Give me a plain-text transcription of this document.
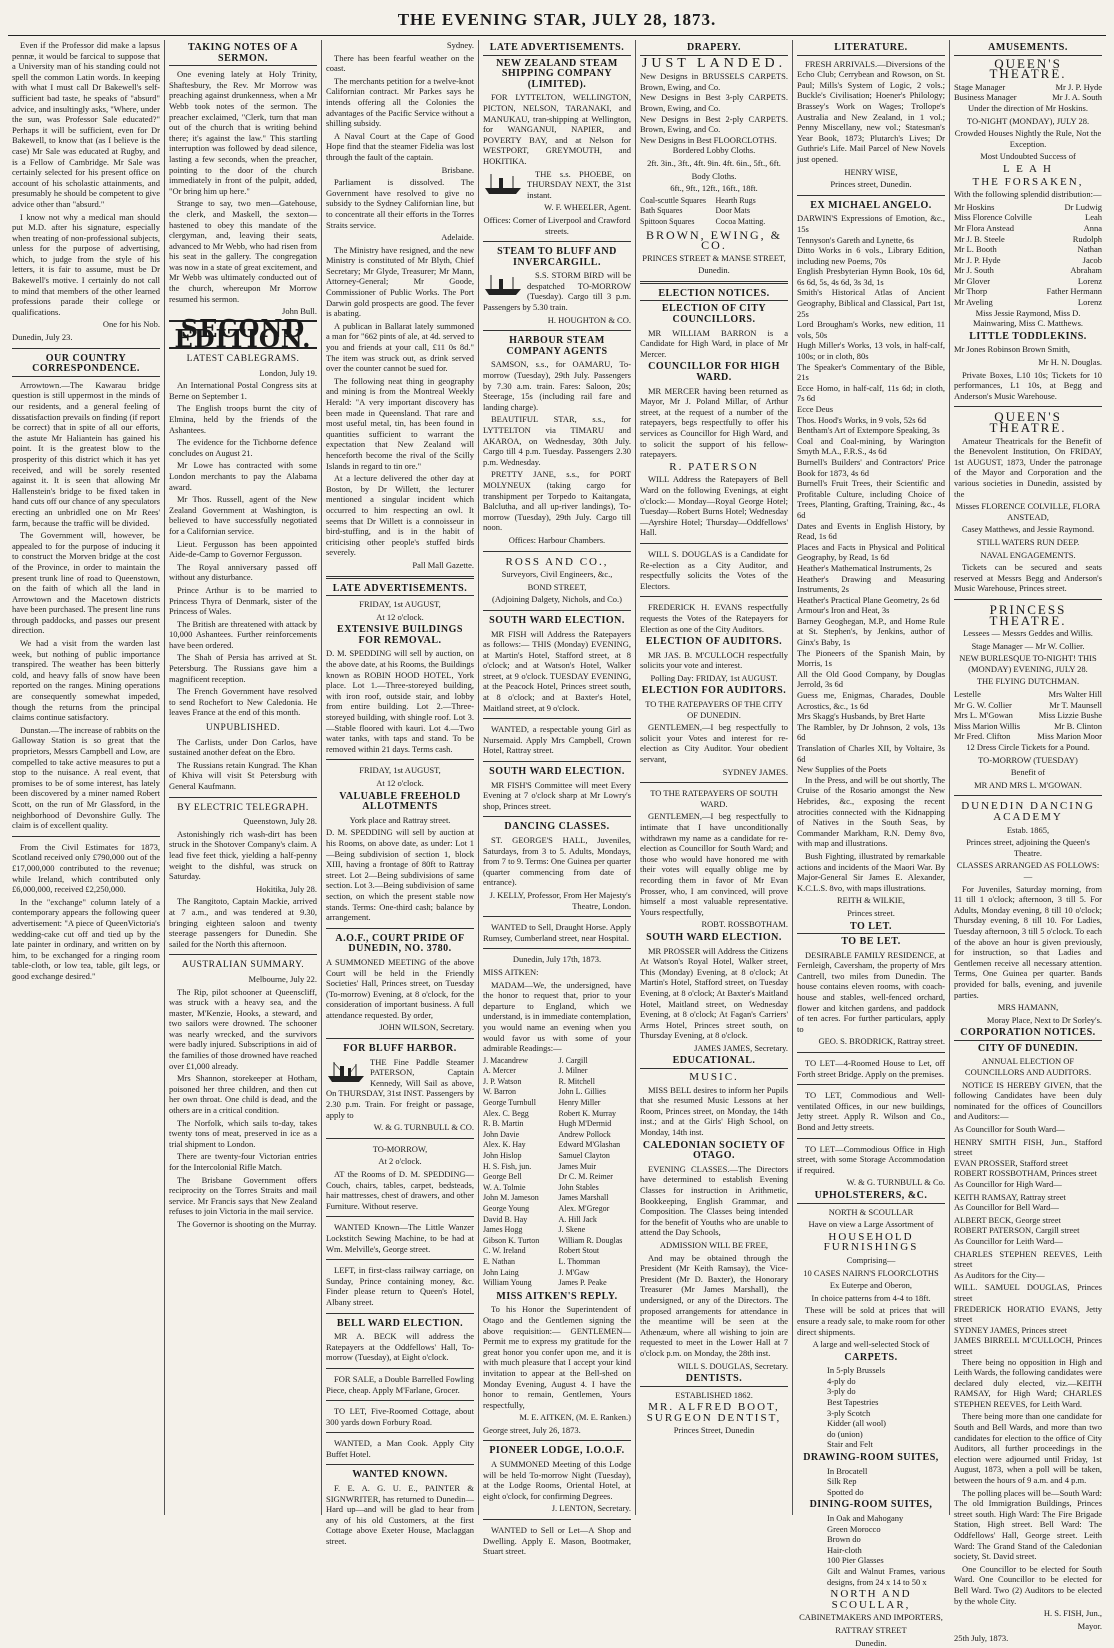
THE EVENING STAR, JULY 28, 1873.

Even if the Professor did make a lapsus pennæ, it would be farcical to suppose that a University man of his standing could not spell the common Latin words. In keeping with what I must call Dr Bakewell's self-sufficient bad taste, he speaks of "absurd" advice, and insultingly asks, "Where, under the sun, was Professor Sale educated?" Perhaps it will be sufficient, even for Dr Bakewell, to know that (as I believe is the case) Mr Sale was educated at Rugby, and is a Fellow of Cambridge. Mr Sale was certainly selected for his present office on account of his scholastic attainments, and presumably he should be competent to give advice other than "absurd."

I know not why a medical man should put M.D. after his signature, especially when treating of non-professional subjects, unless for the purpose of advertising, which, to judge from the style of his letters, it is fair to assume, must be Dr Bakewell's motive. I certainly do not call to mind that members of the other learned professions parade their college or qualifications.

One for his Nob.

Dunedin, July 23.

OUR COUNTRY CORRESPONDENCE.

Arrowtown.—The Kawarau bridge question is still uppermost in the minds of our residents, and a general feeling of dissatisfaction prevails on finding (if report be correct) that in spite of all our efforts, the astute Mr Haliantein has gained his point. It is the greatest blow to the prosperity of this district which it has yet received, and will be sorely resented against it. It is seen that allowing Mr Hallenstein's bridge to be fixed taken in hand cuts off our chance of any speculators erecting an unbridled one on Mr Rees' farm, because the traffic will be divided.

The Government will, however, be appealed to for the purpose of inducing it to construct the Morven bridge at the cost of the Province, in order to maintain the present trunk line of road to Queenstown, on the faith of which all the land in Arrowtown and the Macetown districts have been purchased. The present line runs through paddocks, and passes our present direction.

We had a visit from the warden last week, but nothing of public importance transpired. The weather has been bitterly cold, and heavy falls of snow have been reported on the ranges. Mining operations are consequently somewhat impeded, though the returns from the principal claims continue satisfactory.

Dunstan.—The increase of rabbits on the Galloway Station is so great that the proprietors, Messrs Campbell and Low, are compelled to take active measures to put a stop to the nuisance. A real event, that promises to be of some interest, has lately been discovered by a miner named Robert Scott, on the run of Mr Glassford, in the neighborhood of Devonshire Gully. The claim is of excellent quality.

From the Civil Estimates for 1873, Scotland received only £790,000 out of the £17,000,000 contributed to the revenue; while Ireland, which contributed only £6,000,000, received £2,250,000.

In the "exchange" column lately of a contemporary appears the following queer advertisement: "A piece of QueenVictoria's wedding-cake cut off and tied up by the late painter in ordinary, and written on by him, to be exchanged for a ringing room table-cloth, or low tea, table, gilt legs, or good exchange desired."

TAKING NOTES OF A SERMON.

One evening lately at Holy Trinity, Shaftesbury, the Rev. Mr Morrow was preaching against drunkenness, when a Mr Webb took notes of the sermon. The preacher exclaimed, "Clerk, turn that man out of the church that is writing behind there; it's against the law." This startling interruption was followed by dead silence, lasting a few seconds, when the preacher, pointing to the door of the church immediately in front of the pulpit, added, "Or bring him up here."

Strange to say, two men—Gatehouse, the clerk, and Maskell, the sexton—hastened to obey this mandate of the clergyman, and, leaving their seats, advanced to Mr Webb, who had risen from his seat in the gallery. The congregation was now in a state of great excitement, and Mr Webb was ultimately conducted out of the church, whereupon Mr Morrow resumed his sermon.

John Bull.

SECOND EDITION.
LATEST CABLEGRAMS.

London, July 19.

An International Postal Congress sits at Berne on September 1.

The English troops burnt the city of Elmina, held by the friends of the Ashantees.

The evidence for the Tichborne defence concludes on August 21.

Mr Lowe has contracted with some London merchants to pay the Alabama award.

Mr Thos. Russell, agent of the New Zealand Government at Washington, is believed to have successfully negotiated for a Californian service.

Lieut. Fergusson has been appointed Aide-de-Camp to Governor Fergusson.

The Royal anniversary passed off without any disturbance.

Prince Arthur is to be married to Princess Thyra of Denmark, sister of the Princess of Wales.

The British are threatened with attack by 10,000 Ashantees. Further reinforcements have been ordered.

The Shah of Persia has arrived at St. Petersburg. The Russians gave him a magnificent reception.

The French Government have resolved to send Rochefort to New Caledonia. He leaves France at the end of this month.

UNPUBLISHED.

The Carlists, under Don Carlos, have sustained another defeat on the Ebro.

The Russians retain Kungrad. The Khan of Khiva will visit St Petersburg with General Kaufmann.

BY ELECTRIC TELEGRAPH.

Queenstown, July 28.

Astonishingly rich wash-dirt has been struck in the Shotover Company's claim. A lead five feet thick, yielding a half-penny weight to the dishful, was struck on Saturday.

Hokitika, July 28.

The Rangitoto, Captain Mackie, arrived at 7 a.m., and was tendered at 9.30, bringing eighteen saloon and twenty steerage passengers for Dunedin. She sailed for the North this afternoon.

AUSTRALIAN SUMMARY.

Melbourne, July 22.

The Rip, pilot schooner at Queenscliff, was struck with a heavy sea, and the master, M'Kenzie, Hooks, a steward, and two sailors were drowned. The schooner was nearly wrecked, and the survivors were badly injured. Subscriptions in aid of the families of those drowned have reached over £1,000 already.

Mrs Shannon, storekeeper at Hotham, poisoned her three children, and then cut her own throat. One child is dead, and the others are in a critical condition.

The Norfolk, which sails to-day, takes twenty tons of meat, preserved in ice as a trial shipment to London.

There are twenty-four Victorian entries for the Intercolonial Rifle Match.

The Brisbane Government offers reciprocity on the Torres Straits and mail service. Mr Francis says that New Zealand refuses to join Victoria in the mail service.

The Governor is shooting on the Murray.

Sydney.

There has been fearful weather on the coast.

The merchants petition for a twelve-knot Californian contract. Mr Parkes says he intends offering all the Colonies the advantages of the Pacific Service without a shilling subsidy.

A Naval Court at the Cape of Good Hope find that the steamer Fidelia was lost through the fault of the captain.

Brisbane.

Parliament is dissolved. The Government have resolved to give no subsidy to the Sydney Californian line, but to concentrate all their efforts in the Torres Straits service.

Adelaide.

The Ministry have resigned, and the new Ministry is constituted of Mr Blyth, Chief Secretary; Mr Glyde, Treasurer; Mr Mann, Attorney-General; Mr Goode, Commissioner of Public Works. The Port Darwin gold prospects are good. The fever is abating.

A publican in Ballarat lately summoned a man for "662 pints of ale, at 4d. served to you and friends at your call, £11 0s 8d." The item was struck out, as drink served over the counter cannot be sued for.

The following neat thing in geography and mining is from the Montreal Weekly Herald: "A very important discovery has been made in Queensland. That rare and most useful metal, tin, has been found in quantities sufficient to warrant the expectation that New Zealand will henceforth become the rival of the Scilly Islands in regard to tin ore."

At a lecture delivered the other day at Boston, by Dr Willett, the lecturer mentioned a singular incident which occurred to him respecting an owl. It seems that Dr Willett is a connoisseur in bird-stuffing, and is in the habit of criticising other people's stuffed birds severely.

Pall Mall Gazette.

LATE ADVERTISEMENTS.

FRIDAY, 1st AUGUST,

At 12 o'clock.

EXTENSIVE BUILDINGS FOR REMOVAL.

D. M. SPEDDING will sell by auction, on the above date, at his Rooms, the Buildings known as ROBIN HOOD HOTEL, York place. Lot 1.—Three-storeyed building, with iron roof, outside stair, and lobby from entire building. Lot 2.—Three-storeyed building, with shingle roof. Lot 3.—Stable floored with kauri. Lot 4.—Two water tanks, with taps and stand. To be removed within 21 days. Terms cash.

FRIDAY, 1st AUGUST,

At 12 o'clock.

VALUABLE FREEHOLD ALLOTMENTS

York place and Rattray street.

D. M. SPEDDING will sell by auction at his Rooms, on above date, as under: Lot 1—Being subdivision of section 1, block XIII, having a frontage of 80ft to Rattray street. Lot 2—Being subdivisions of same section. Lot 3.—Being subdivision of same section, on which the present stable now stands. Terms: One-third cash; balance by arrangement.

A.O.F., COURT PRIDE OF DUNEDIN, NO. 3780.

A SUMMONED MEETING of the above Court will be held in the Friendly Societies' Hall, Princes street, on Tuesday (To-morrow) Evening, at 8 o'clock, for the consideration of important business. A full attendance requested. By order,

JOHN WILSON, Secretary.

FOR BLUFF HARBOR.

THE Fine Paddle Steamer PATERSON, Captain Kennedy, Will Sail as above, On THURSDAY, 31st INST. Passengers by 2.30 p.m. Train. For freight or passage, apply to

W. & G. TURNBULL & CO.

TO-MORROW,

At 2 o'clock.

AT the Rooms of D. M. SPEDDING—Couch, chairs, tables, carpet, bedsteads, hair mattresses, chest of drawers, and other Furniture. Without reserve.

WANTED Known—The Little Wanzer Lockstitch Sewing Machine, to be had at Wm. Melville's, George street.

LEFT, in first-class railway carriage, on Sunday, Prince containing money, &c. Finder please return to Queen's Hotel, Albany street.

BELL WARD ELECTION.

MR A. BECK will address the Ratepayers at the Oddfellows' Hall, To-morrow (Tuesday), at Eight o'clock.

FOR SALE, a Double Barrelled Fowling Piece, cheap. Apply M'Farlane, Grocer.

TO LET, Five-Roomed Cottage, about 300 yards down Forbury Road.

WANTED, a Man Cook. Apply City Buffet Hotel.

WANTED KNOWN.

F. E. A. G. U. E., PAINTER & SIGNWRITER, has returned to Dunedin—Hard up—and will be glad to hear from any of his old Customers, at the first Cottage above Exeter House, Maclaggan street.

LATE ADVERTISEMENTS.
NEW ZEALAND STEAM SHIPPING COMPANY (LIMITED).

FOR LYTTELTON, WELLINGTON, PICTON, NELSON, TARANAKI, and MANUKAU, tran-shipping at Wellington, for WANGANUI, NAPIER, and POVERTY BAY, and at Nelson for WESTPORT, GREYMOUTH, and HOKITIKA.

THE s.s. PHOEBE, on THURSDAY NEXT, the 31st instant.

W. F. WHEELER, Agent.

Offices: Corner of Liverpool and Crawford streets.

STEAM TO BLUFF AND INVERCARGILL.

S.S. STORM BIRD will be despatched TO-MORROW (Tuesday). Cargo till 3 p.m. Passengers by 5.30 train.

H. HOUGHTON & CO.

HARBOUR STEAM COMPANY AGENTS

SAMSON, s.s., for OAMARU, To-morrow (Tuesday), 29th July. Passengers by 7.30 a.m. train. Fares: Saloon, 20s; Steerage, 15s (including rail fare and landing charge).

BEAUTIFUL STAR, s.s., for LYTTELTON via TIMARU and AKAROA, on Wednesday, 30th July. Cargo till 4 p.m. Tuesday. Passengers 2.30 p.m. Wednesday.

PRETTY JANE, s.s., for PORT MOLYNEUX (taking cargo for transhipment per Torpedo to Kaitangata, Balclutha, and all up-river landings), To-morrow (Tuesday), 29th July. Cargo till noon.

Offices: Harbour Chambers.

ROSS AND CO.,

Surveyors, Civil Engineers, &c.,

BOND STREET,

(Adjoining Dalgety, Nichols, and Co.)

SOUTH WARD ELECTION.

MR FISH will Address the Ratepayers as follows:— THIS (Monday) EVENING, at Martin's Hotel, Stafford street, at 8 o'clock; and at Watson's Hotel, Walker street, at 9 o'clock. TUESDAY EVENING, at the Peacock Hotel, Princes street south, at 8 o'clock; and at Baxter's Hotel, Maitland street, at 9 o'clock.

WANTED, a respectable young Girl as Nursemaid. Apply Mrs Campbell, Crown Hotel, Rattray street.

SOUTH WARD ELECTION.

MR FISH'S Committee will meet Every Evening at 7 o'clock sharp at Mr Lowry's shop, Princes street.

DANCING CLASSES.

ST. GEORGE'S HALL, Juveniles, Saturdays, from 3 to 5. Adults, Mondays, from 7 to 9. Terms: One Guinea per quarter (quarter commencing from date of entrance).

J. KELLY, Professor, From Her Majesty's Theatre, London.

WANTED to Sell, Draught Horse. Apply Rumsey, Cumberland street, near Hospital.

Dunedin, July 17th, 1873.

MISS AITKEN:

MADAM—We, the undersigned, have the honor to request that, prior to your departure to England, which we understand, is in immediate contemplation, you would name an evening when you would favor us with some of your admirable Readings:—

J. Macandrew

A. Mercer

J. P. Watson

W. Barron

George Turnbull

Alex. C. Begg

R. B. Martin

John Davie

Alex. K. Hay

John Hislop

H. S. Fish, jun.

George Bell

W. A. Tolmie

John M. Jameson

George Young

David B. Hay

James Hogg

Gibson K. Turton

C. W. Ireland

E. Nathan

John Laing

William Young

J. Cargill

J. Milner

R. Mitchell

John L. Gillies

Henry Miller

Robert K. Murray

Hugh M'Dermid

Andrew Pollock

Edward M'Glashan

Samuel Clayton

James Muir

Dr C. M. Reimer

John Stables

James Marshall

Alex. M'Gregor

A. Hill Jack

J. Skene

William R. Douglas

Robert Stout

L. Thomman

J. M'Gaw

James P. Peake

MISS AITKEN'S REPLY.

To his Honor the Superintendent of Otago and the Gentlemen signing the above requisition:— GENTLEMEN—Permit me to express my gratitude for the great honor you confer upon me, and it is with much pleasure that I accept your kind invitation to appear at the Bell-shed on Monday Evening, August 4. I have the honor to remain, Gentlemen, Yours respectfully,

M. E. AITKEN, (M. E. Ranken.)

George street, July 26, 1873.

PIONEER LODGE, I.O.O.F.

A SUMMONED Meeting of this Lodge will be held To-morrow Night (Tuesday), at the Lodge Rooms, Oriental Hotel, at eight o'clock, for confirming Degrees.

J. LENTON, Secretary.

WANTED to Sell or Let—A Shop and Dwelling. Apply E. Mason, Bootmaker, Stuart street.

DRAPERY.
JUST LANDED.

New Designs in BRUSSELS CARPETS. Brown, Ewing, and Co.

New Designs in Best 3-ply CARPETS. Brown, Ewing, and Co.

New Designs in Best 2-ply CARPETS. Brown, Ewing, and Co.

New Designs in Best FLOORCLOTHS.

Bordered Lobby Cloths.

2ft. 3in., 3ft., 4ft. 9in. 4ft. 6in., 5ft., 6ft.

Body Cloths.

6ft., 9ft., 12ft., 16ft., 18ft.

Coal-scuttle Squares

Bath Squares

Spittoon Squares

Hearth Rugs

Door Mats

Cocoa Matting.

BROWN, EWING, & CO.

PRINCES STREET & MANSE STREET,

Dunedin.

ELECTION NOTICES.
ELECTION OF CITY COUNCILLORS.

MR WILLIAM BARRON is a Candidate for High Ward, in place of Mr Mercer.

COUNCILLOR FOR HIGH WARD.

MR MERCER having been returned as Mayor, Mr J. Poland Millar, of Arthur street, at the request of a number of the ratepayers, begs respectfully to offer his services as Councillor for High Ward, and to solicit the support of his fellow-ratepayers.

R. PATERSON

WILL Address the Ratepayers of Bell Ward on the following Evenings, at eight o'clock:— Monday—Royal George Hotel; Tuesday—Robert Burns Hotel; Wednesday—Ayrshire Hotel; Thursday—Oddfellows' Hall.

WILL S. DOUGLAS is a Candidate for Re-election as a City Auditor, and respectfully solicits the Votes of the Electors.

FREDERICK H. EVANS respectfully requests the Votes of the Ratepayers for Election as one of the City Auditors.

ELECTION OF AUDITORS.

MR JAS. B. M'CULLOCH respectfully solicits your vote and interest.

Polling Day: FRIDAY, 1st AUGUST.

ELECTION FOR AUDITORS.

TO THE RATEPAYERS OF THE CITY OF DUNEDIN.

GENTLEMEN,—I beg respectfully to solicit your Votes and interest for re-election as City Auditor. Your obedient servant,

SYDNEY JAMES.

TO THE RATEPAYERS OF SOUTH WARD.

GENTLEMEN,—I beg respectfully to intimate that I have unconditionally withdrawn my name as a candidate for re-election as Councillor for South Ward; and those who would have honored me with their votes will equally oblige me by recording them in favor of Mr Evan Prosser, who, I am convinced, will prove himself a most valuable representative. Yours respectfully,

ROBT. ROSSBOTHAM.

SOUTH WARD ELECTION.

MR PROSSER will Address the Citizens At Watson's Royal Hotel, Walker street, This (Monday) Evening, at 8 o'clock; At Martin's Hotel, Stafford street, on Tuesday Evening, at 8 o'clock; At Baxter's Maitland Hotel, Maitland street, on Wednesday Evening, at 8 o'clock; At Fagan's Carriers' Arms Hotel, Princes street south, on Thursday Evening, at 8 o'clock.

JAMES JAMES, Secretary.

EDUCATIONAL.
MUSIC.

MISS BELL desires to inform her Pupils that she resumed Music Lessons at her Room, Princes street, on Monday, the 14th inst.; and at the Girls' High School, on Monday, 14th inst.

CALEDONIAN SOCIETY OF OTAGO.

EVENING CLASSES.—The Directors have determined to establish Evening Classes for instruction in Arithmetic, Bookkeeping, English Grammar, and Composition. The Classes being intended for the benefit of Youths who are unable to attend the Day Schools,

ADMISSION WILL BE FREE,

And may be obtained through the President (Mr Keith Ramsay), the Vice-President (Mr D. Baxter), the Honorary Treasurer (Mr James Marshall), the undersigned, or any of the Directors. The proposed arrangements for attendance in the meantime will be seen at the Athenæum, where all wishing to join are requested to meet in the Lower Hall at 7 o'clock p.m. on Monday, the 28th inst.

WILL S. DOUGLAS, Secretary.

DENTISTS.

ESTABLISHED 1862.

MR. ALFRED BOOT, SURGEON DENTIST,

Princes Street, Dunedin

LITERATURE.

FRESH ARRIVALS.—Diversions of the Echo Club; Cerrybean and Rowson, on St. Paul; Mills's System of Logic, 2 vols.; Buckle's Civilisation; Hoener's Philology; Brassey's Work on Wages; Trollope's Australia and New Zealand, in 1 vol.; Penny Miscellany, new vol.; Statesman's Year Book, 1873; Plutarch's Lives; Dr Guthrie's Life. Mail Parcel of New Novels just opened.

HENRY WISE,

Princes street, Dunedin.

EX MICHAEL ANGELO.

DARWIN'S Expressions of Emotion, &c., 15s

Tennyson's Gareth and Lynette, 6s

Ditto Works in 6 vols., Library Edition, including new Poems, 70s

English Presbyterian Hymn Book, 10s 6d, 6s 6d, 5s, 4s 6d, 3s 3d, 1s

Smith's Historical Atlas of Ancient Geography, Biblical and Classical, Part 1st, 25s

Lord Brougham's Works, new edition, 11 vols, 50s

Hugh Miller's Works, 13 vols, in half-calf, 100s; or in cloth, 80s

The Speaker's Commentary of the Bible, 21s

Ecce Homo, in half-calf, 11s 6d; in cloth, 7s 6d

Ecce Deus

Thos. Hood's Works, in 9 vols, 52s 6d

Bentham's Art of Extempore Speaking, 3s

Coal and Coal-mining, by Warington Smyth M.A., F.R.S., 4s 6d

Burnell's Builders' and Contractors' Price Book for 1873, 4s 6d

Burnell's Fruit Trees, their Scientific and Profitable Culture, including Choice of Trees, Planting, Grafting, Training, &c., 4s 6d

Dates and Events in English History, by Read, 1s 6d

Places and Facts in Physical and Political Geography, by Read, 1s 6d

Heather's Mathematical Instruments, 2s

Heather's Drawing and Measuring Instruments, 2s

Heather's Practical Plane Geometry, 2s 6d

Armour's Iron and Heat, 3s

Barney Geoghegan, M.P., and Home Rule at St. Stephen's, by Jenkins, author of Ginx's Baby, 1s

The Pioneers of the Spanish Main, by Morris, 1s

All the Old Good Company, by Douglas Jerrold, 3s 6d

Guess me, Enigmas, Charades, Double Acrostics, &c., 1s 6d

Mrs Skagg's Husbands, by Bret Harte

The Rambler, by Dr Johnson, 2 vols, 13s 6d

Translation of Charles XII, by Voltaire, 3s 6d

New Supplies of the Poets

In the Press, and will be out shortly, The Cruise of the Rosario amongst the New Hebrides, &c., exposing the recent atrocities connected with the Kidnapping of Natives in the South Seas, by Commander Markham, R.N. Demy 8vo, with map and illustrations.

Bush Fighting, illustrated by remarkable actions and incidents of the Maori War. By Major-General Sir James E. Alexander, K.C.L.S. 8vo, with maps illustrations.

REITH & WILKIE,

Princes street.

TO LET.
TO BE LET.

DESIRABLE FAMILY RESIDENCE, at Fernleigh, Caversham, the property of Mrs Cantrell, two miles from Dunedin. The house contains eleven rooms, with coach-house and stables, well-fenced orchard, flower and kitchen gardens, and paddock of ten acres. For further particulars, apply to

GEO. S. BRODRICK, Rattray street.

TO LET—4-Roomed House to Let, off Forth street Bridge. Apply on the premises.

TO LET, Commodious and Well-ventilated Offices, in our new buildings, Jetty street. Apply R. Wilson and Co., Bond and Jetty streets.

TO LET—Commodious Office in High street, with some Storage Accommodation if required.

W. & G. TURNBULL & Co.

UPHOLSTERERS, &C.

NORTH & SCOULLAR

Have on view a Large Assortment of

HOUSEHOLD FURNISHINGS

Comprising—

10 CASES NAIRN'S FLOORCLOTHS

Ex Euterpe and Oberon,

In choice patterns from 4-4 to 18ft.

These will be sold at prices that will ensure a ready sale, to make room for other direct shipments.

A large and well-selected Stock of

CARPETS.

In 5-ply Brussels

4-ply do

3-ply do

Best Tapestries

3-ply Scotch

Kidder (all wool)

do (union)

Stair and Felt

DRAWING-ROOM SUITES,

In Brocatell

Silk Rep

Spotted do

DINING-ROOM SUITES,

In Oak and Mahogany

Green Morocco

Brown do

Hair-cloth

100 Pier Glasses

Gilt and Walnut Frames, various designs, from 24 x 14 to 50 x

NORTH AND SCOULLAR,

CABINETMAKERS AND IMPORTERS,

RATTRAY STREET

Dunedin.

AMUSEMENTS.
QUEEN'S THEATRE.
Stage Manager	Mr J. P. Hyde
Business Manager	Mr J. A. South

Under the direction of Mr Hoskins.

TO-NIGHT (MONDAY), JULY 28.

Crowded Houses Nightly the Rule, Not the Exception.

Most Undoubted Success of

L E A H
THE FORSAKEN,

With the following splendid distribution:—

Mr Hoskins	Dr Ludwig
Miss Florence Colville	Leah
Mr Flora Anstead	Anna
Mr J. B. Steele	Rudolph
Mr L. Booth	Nathan
Mr J. P. Hyde	Jacob
Mr J. South	Abraham
Mr Glover	Lorenz
Mr Thorp	Father Hermann
Mr Aveling	Lorenz

Miss Jessie Raymond, Miss D. Mainwaring, Miss C. Matthews.

LITTLE TODDLEKINS.

Mr Jones Robinson Brown Smith,

Mr H. N. Douglas.

Private Boxes, L10 10s; Tickets for 10 performances, L1 10s, at Begg and Anderson's Music Warehouse.

QUEEN'S THEATRE.

Amateur Theatricals for the Benefit of the Benevolent Institution, On FRIDAY, 1st AUGUST, 1873, Under the patronage of the Mayor and Corporation and the various societies in Dunedin, assisted by the

Misses FLORENCE COLVILLE, FLORA ANSTEAD,

Casey Matthews, and Jessie Raymond.

STILL WATERS RUN DEEP.

NAVAL ENGAGEMENTS.

Tickets can be secured and seats reserved at Messrs Begg and Anderson's Music Warehouse, Princes street.

PRINCESS THEATRE.

Lessees — Messrs Geddes and Willis.

Stage Manager — Mr W. Collier.

NEW BURLESQUE TO-NIGHT! THIS (MONDAY) EVENING, JULY 28.

THE FLYING DUTCHMAN.

Lestelle	Mrs Walter Hill
Mr G. W. Collier	Mr T. Maunsell
Mrs L. M'Gowan	Miss Lizzie Bushe
Miss Marion Willis	Mr B. Clinton
Mr Fred. Clifton	Miss Marion Moor

12 Dress Circle Tickets for a Pound.

TO-MORROW (TUESDAY)

Benefit of

MR AND MRS L. M'GOWAN.

DUNEDIN DANCING ACADEMY

Estab. 1865,

Princes street, adjoining the Queen's Theatre.

CLASSES ARRANGED AS FOLLOWS:—

For Juveniles, Saturday morning, from 11 till 1 o'clock; afternoon, 3 till 5. For Adults, Monday evening, 8 till 10 o'clock; Thursday evening, 8 till 10. For Ladies, Tuesday afternoon, 3 till 5 o'clock. To each of the above an hour is given previously, for instruction, so that Ladies and Gentlemen receive all necessary attention. Terms, One Guinea per quarter. Bands provided for balls, evening, and juvenile parties.

MRS HAMANN,

Moray Place, Next to Dr Sorley's.

CORPORATION NOTICES.
CITY OF DUNEDIN.

ANNUAL ELECTION OF COUNCILLORS AND AUDITORS.

NOTICE IS HEREBY GIVEN, that the following Candidates have been duly nominated for the offices of Councillors and Auditors:—

As Councillor for South Ward—

HENRY SMITH FISH, Jun., Stafford street

EVAN PROSSER, Stafford street

ROBERT ROSSBOTHAM, Princes street

As Councillor for High Ward—

KEITH RAMSAY, Rattray street

As Councillor for Bell Ward—

ALBERT BECK, George street

ROBERT PATERSON, Cargill street

As Councillor for Leith Ward—

CHARLES STEPHEN REEVES, Leith street

As Auditors for the City—

WILL. SAMUEL DOUGLAS, Princes street

FREDERICK HORATIO EVANS, Jetty street

SYDNEY JAMES, Princes street

JAMES BIRRELL M'CULLOCH, Princes street

There being no opposition in High and Leith Wards, the following candidates were declared duly elected, viz.—KEITH RAMSAY, for High Ward; CHARLES STEPHEN REEVES, for Leith Ward.

There being more than one candidate for South and Bell Wards, and more than two candidates for election to the office of City Auditors, all further proceedings in the election were adjourned until Friday, 1st August, 1873, when a poll will be taken, between the hours of 9 a.m. and 4 p.m.

The polling places will be—South Ward: The old Immigration Buildings, Princes street south. High Ward: The Fire Brigade Station, High street. Bell Ward: The Oddfellows' Hall, George street. Leith Ward: The Grand Stand of the Caledonian society, St. David street.

One Councillor to be elected for South Ward. One Councillor to be elected for Bell Ward. Two (2) Auditors to be elected by the whole City.

H. S. FISH, Jun.,

Mayor.

25th July, 1873.
